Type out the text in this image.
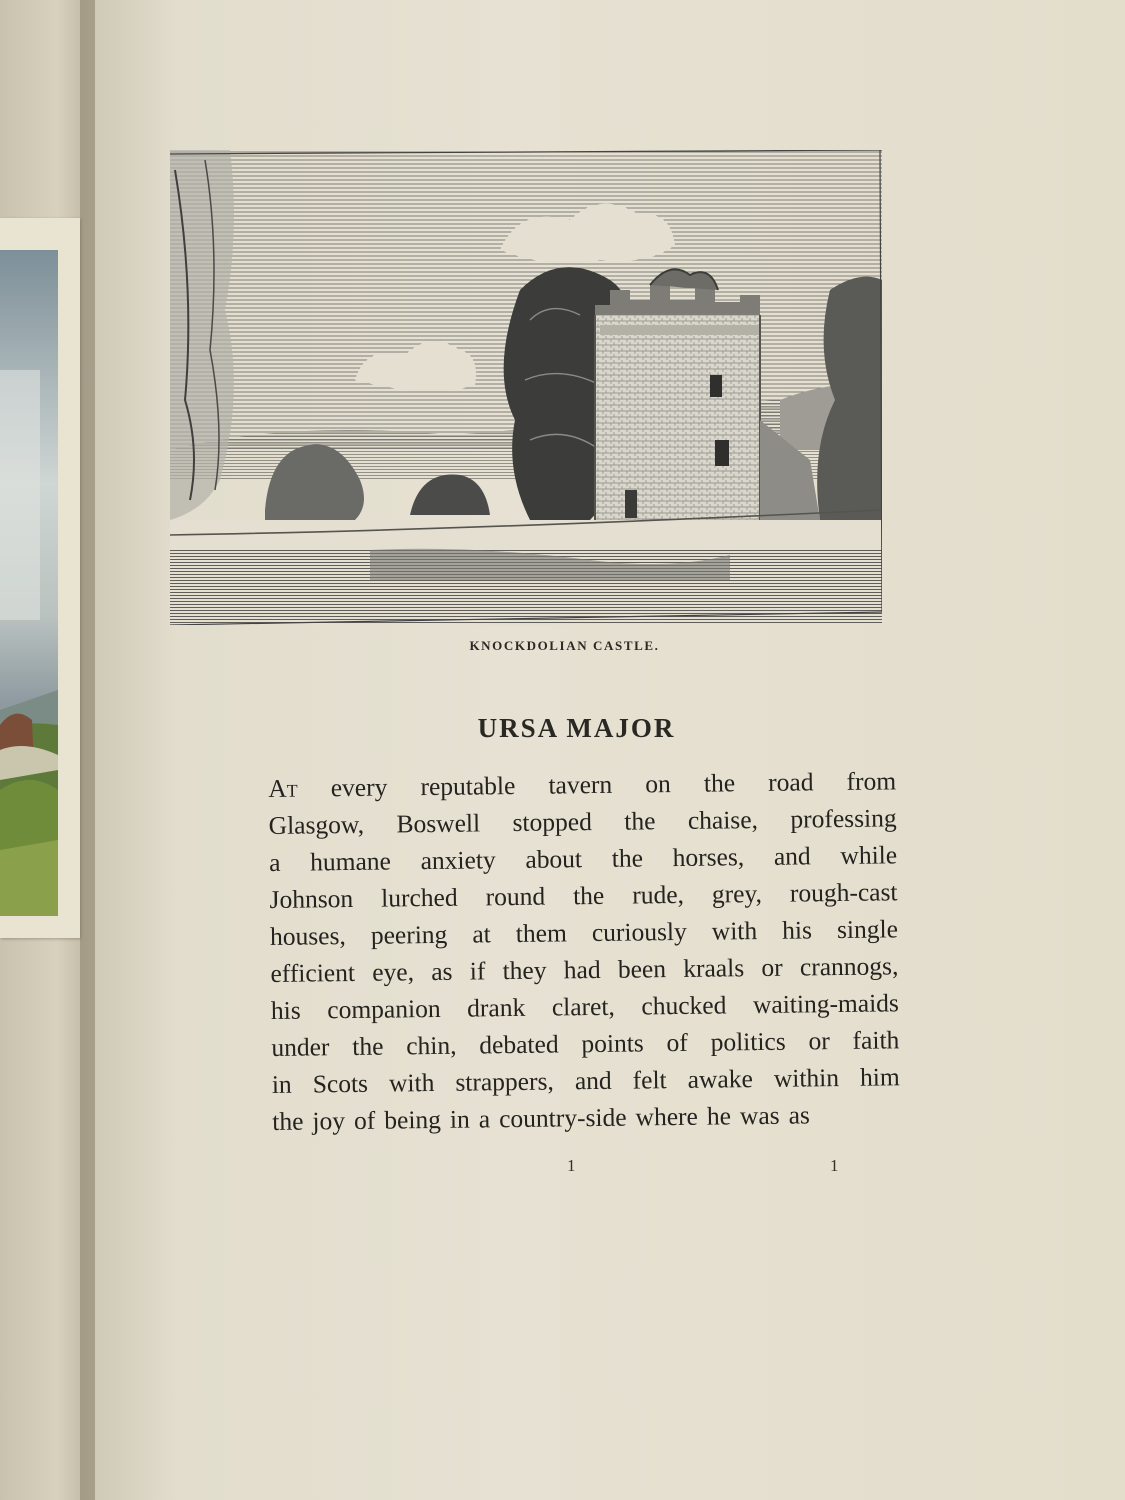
KNOCKDOLIAN CASTLE.

URSA MAJOR
At every reputable tavern on the road from
Glasgow, Boswell stopped the chaise, professing
a humane anxiety about the horses, and while
Johnson lurched round the rude, grey, rough-cast
houses, peering at them curiously with his single
efficient eye, as if they had been kraals or crannogs,
his companion drank claret, chucked waiting-maids
under the chin, debated points of politics or faith
in Scots with strappers, and felt awake within him
the joy of being in a country-side where he was as

1	1
